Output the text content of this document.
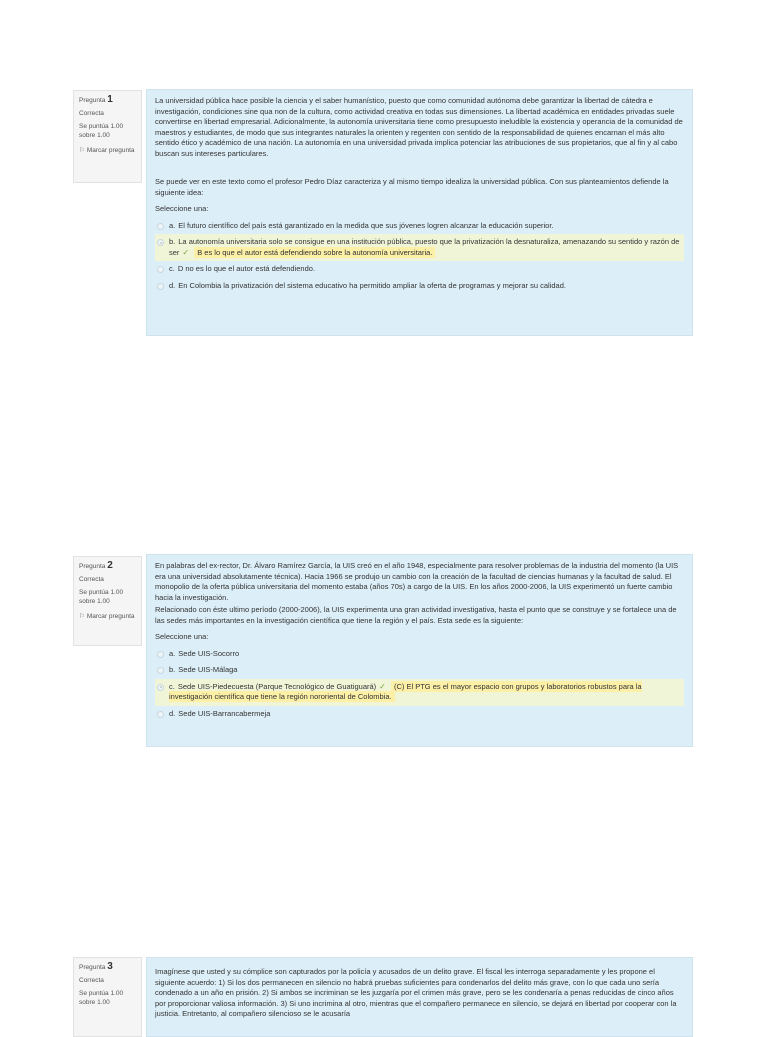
Pregunta 1
Correcta
Se puntúa 1.00 sobre 1.00
⚐ Marcar pregunta
La universidad pública hace posible la ciencia y el saber humanístico, puesto que como comunidad autónoma debe garantizar la libertad de cátedra e investigación, condiciones sine qua non de la cultura, como actividad creativa en todas sus dimensiones. La libertad académica en entidades privadas suele convertirse en libertad empresarial. Adicionalmente, la autonomía universitaria tiene como presupuesto ineludible la existencia y operancia de la comunidad de maestros y estudiantes, de modo que sus integrantes naturales la orienten y regenten con sentido de la responsabilidad de quienes encarnan el más alto sentido ético y académico de una nación. La autonomía en una universidad privada implica potenciar las atribuciones de sus propietarios, que al fin y al cabo buscan sus intereses particulares.
Se puede ver en este texto como el profesor Pedro Díaz caracteriza y al mismo tiempo idealiza la universidad pública. Con sus planteamientos defiende la siguiente idea:
Seleccione una:
a. El futuro científico del país está garantizado en la medida que sus jóvenes logren alcanzar la educación superior.
b. La autonomía universitaria solo se consigue en una institución pública, puesto que la privatización la desnaturaliza, amenazando su sentido y razón de ser ✓ B es lo que el autor está defendiendo sobre la autonomía universitaria.
c. D no es lo que el autor está defendiendo.
d. En Colombia la privatización del sistema educativo ha permitido ampliar la oferta de programas y mejorar su calidad.
Pregunta 2
Correcta
Se puntúa 1.00 sobre 1.00
⚐ Marcar pregunta
En palabras del ex-rector, Dr. Álvaro Ramírez García, la UIS creó en el año 1948, especialmente para resolver problemas de la industria del momento (la UIS era una universidad absolutamente técnica). Hacia 1966 se produjo un cambio con la creación de la facultad de ciencias humanas y la facultad de salud. El monopolio de la oferta pública universitaria del momento estaba (años 70s) a cargo de la UIS. En los años 2000-2006, la UIS experimentó un fuerte cambio hacia la investigación.
Relacionado con éste ultimo período (2000-2006), la UIS experimenta una gran actividad investigativa, hasta el punto que se construye y se fortalece una de las sedes más importantes en la investigación científica que tiene la región y el país. Esta sede es la siguiente:
Seleccione una:
a. Sede UIS-Socorro
b. Sede UIS-Málaga
c. Sede UIS-Piedecuesta (Parque Tecnológico de Guatiguará) ✓ (C) El PTG es el mayor espacio con grupos y laboratorios robustos para la investigación científica que tiene la región nororiental de Colombia.
d. Sede UIS-Barrancabermeja
Pregunta 3
Correcta
Se puntúa 1.00 sobre 1.00
Imagínese que usted y su cómplice son capturados por la policía y acusados de un delito grave. El fiscal les interroga separadamente y les propone el siguiente acuerdo: 1) Si los dos permanecen en silencio no habrá pruebas suficientes para condenarlos del delito más grave, con lo que cada uno sería condenado a un año en prisión. 2) Si ambos se incriminan se les juzgaría por el crimen más grave, pero se les condenaría a penas reducidas de cinco años por proporcionar valiosa información. 3) Si uno incrimina al otro, mientras que el compañero permanece en silencio, se dejará en libertad por cooperar con la justicia. Entretanto, al compañero silencioso se le acusaría
